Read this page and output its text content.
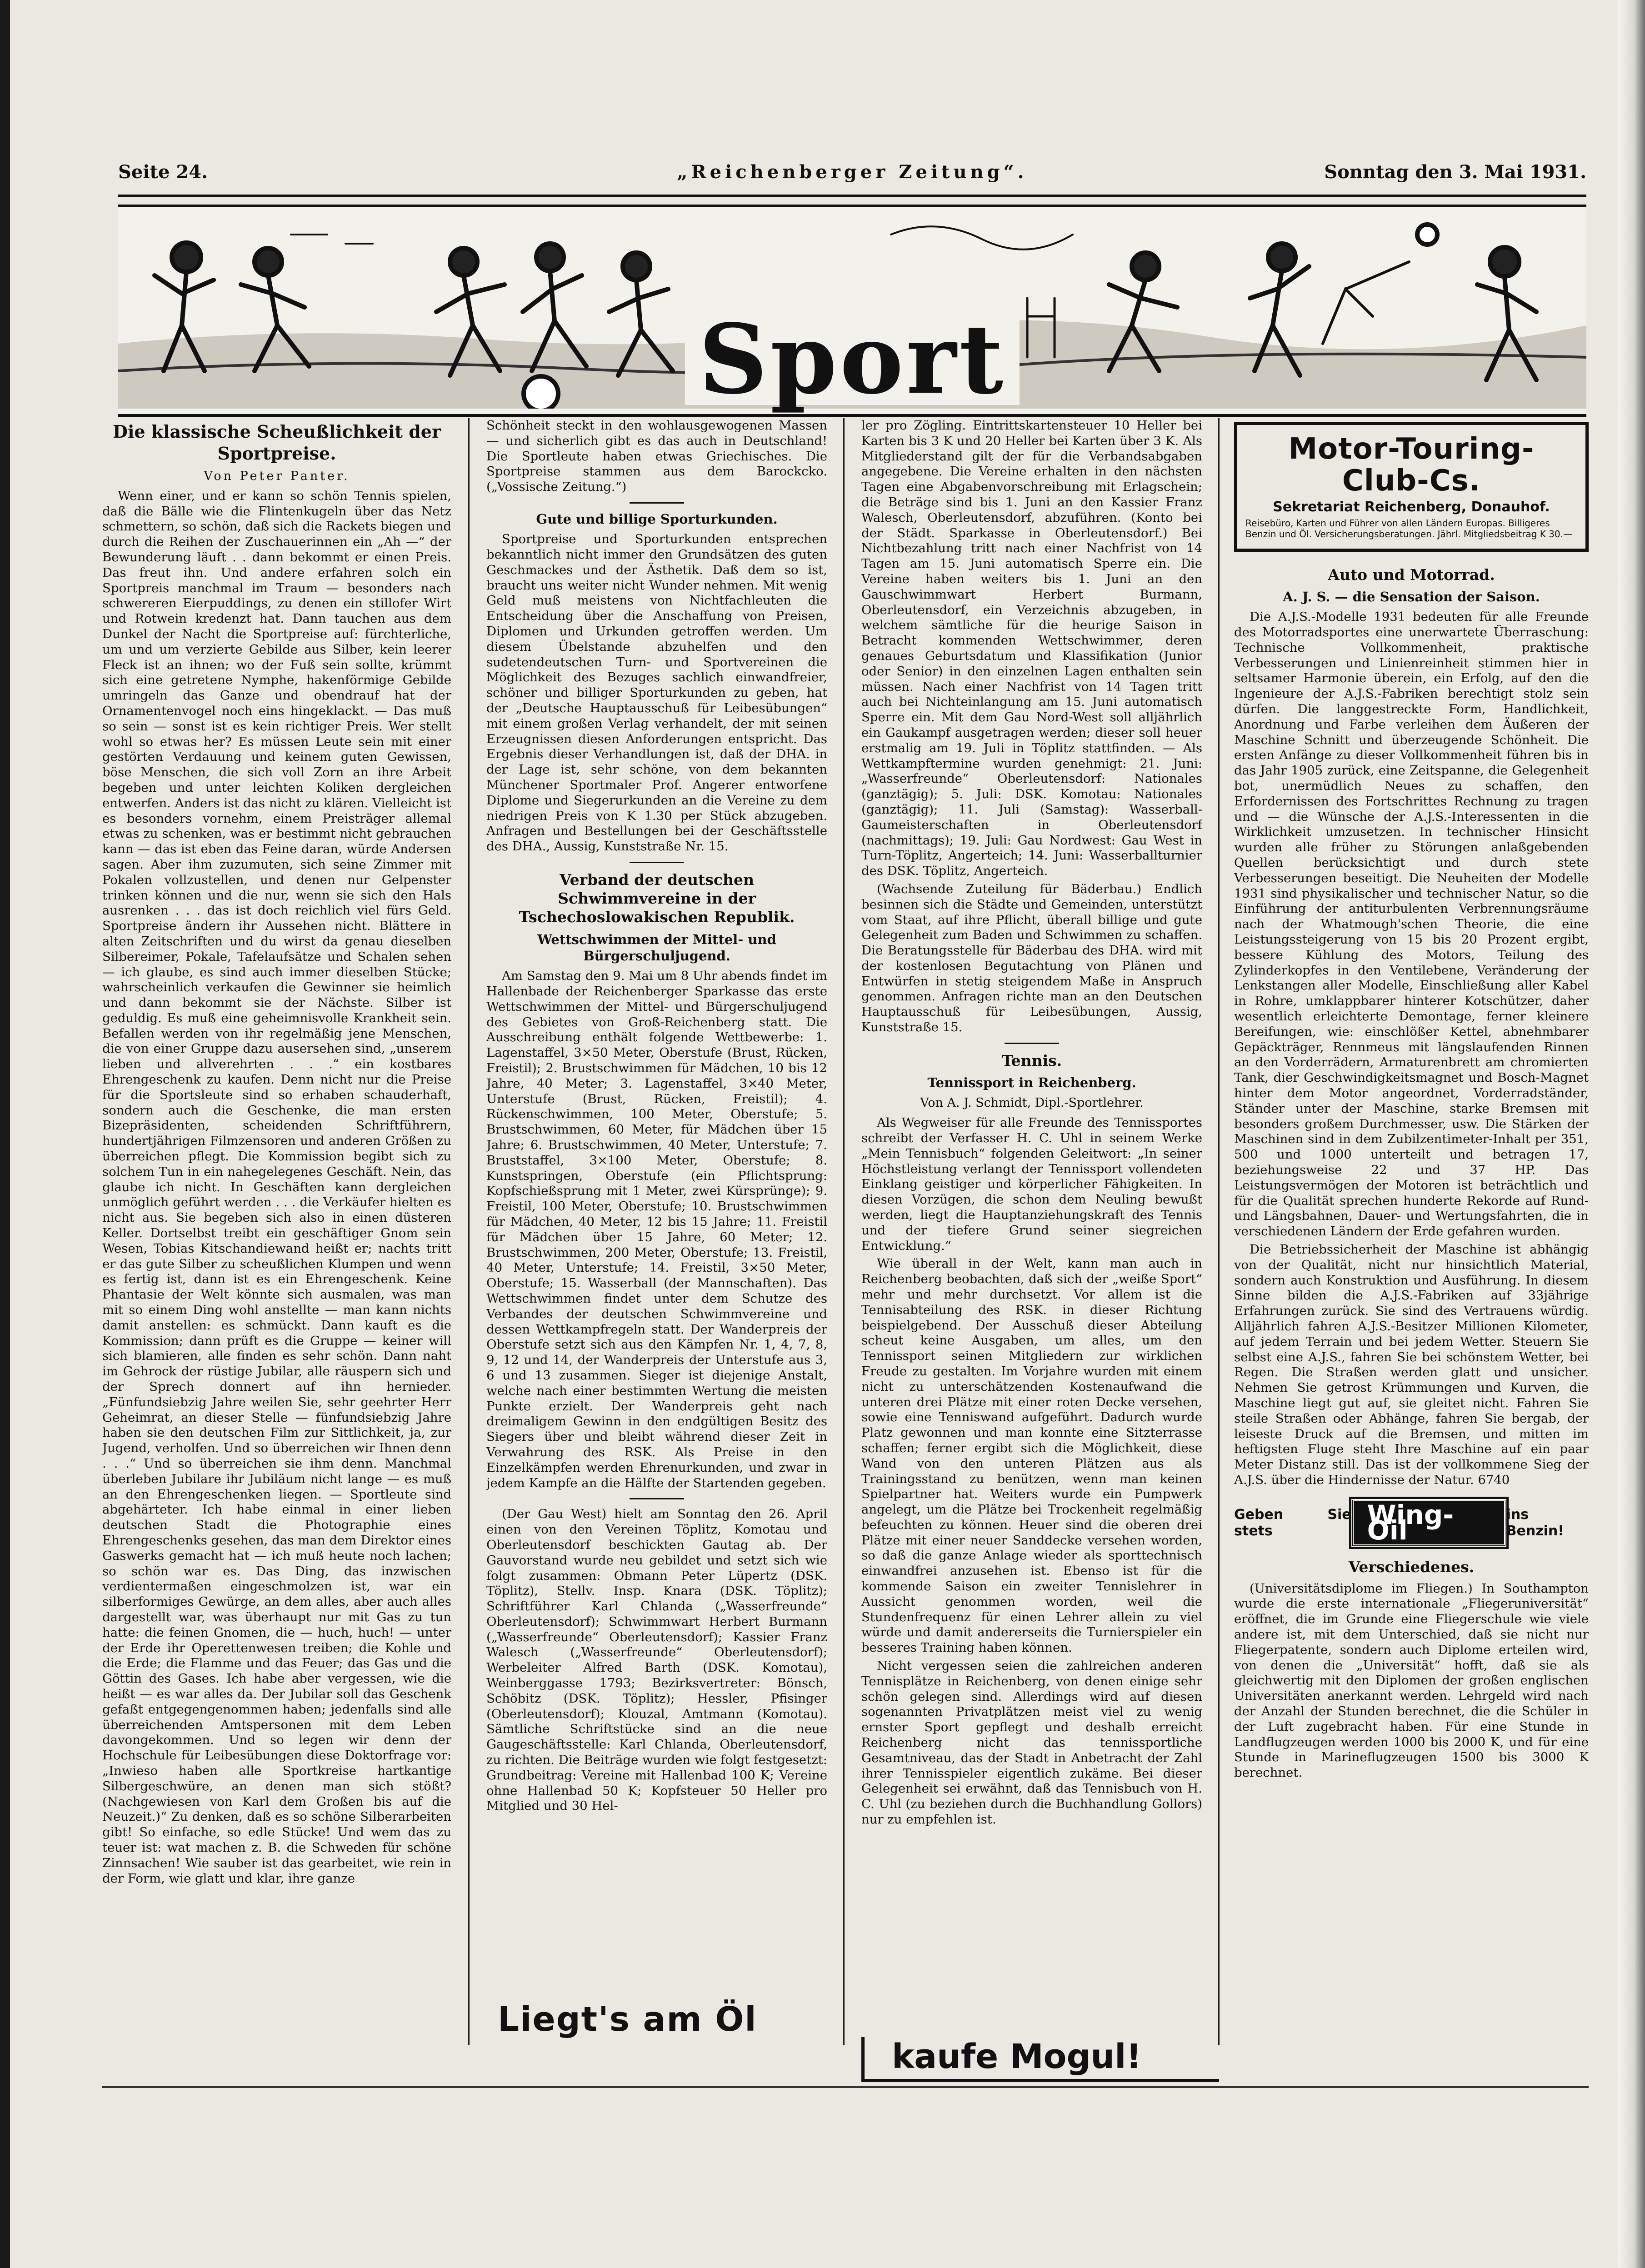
Seite 24.	„Reichenberger Zeitung“.	Sonntag den 3. Mai 1931.
Sport
Die klassische Scheußlichkeit der Sportpreise.
Von Peter Panter.

Wenn einer, und er kann so schön Tennis spielen, daß die Bälle wie die Flintenkugeln über das Netz schmettern, so schön, daß sich die Rackets biegen und durch die Reihen der Zuschauerinnen ein „Ah —“ der Bewunderung läuft . . dann bekommt er einen Preis. Das freut ihn. Und andere erfahren solch ein Sportpreis manchmal im Traum — besonders nach schwereren Eierpuddings, zu denen ein stillofer Wirt und Rotwein kredenzt hat. Dann tauchen aus dem Dunkel der Nacht die Sportpreise auf: fürchterliche, um und um verzierte Gebilde aus Silber, kein leerer Fleck ist an ihnen; wo der Fuß sein sollte, krümmt sich eine getretene Nymphe, hakenförmige Gebilde umringeln das Ganze und obendrauf hat der Ornamentenvogel noch eins hingeklackt. — Das muß so sein — sonst ist es kein richtiger Preis. Wer stellt wohl so etwas her? Es müssen Leute sein mit einer gestörten Verdauung und keinem guten Gewissen, böse Menschen, die sich voll Zorn an ihre Arbeit begeben und unter leichten Koliken dergleichen entwerfen. Anders ist das nicht zu klären. Vielleicht ist es besonders vornehm, einem Preisträger allemal etwas zu schenken, was er bestimmt nicht gebrauchen kann — das ist eben das Feine daran, würde Andersen sagen. Aber ihm zuzumuten, sich seine Zimmer mit Pokalen vollzustellen, und denen nur Gelpenster trinken können und die nur, wenn sie sich den Hals ausrenken . . . das ist doch reichlich viel fürs Geld. Sportpreise ändern ihr Aussehen nicht. Blättere in alten Zeitschriften und du wirst da genau dieselben Silbereimer, Pokale, Tafelaufsätze und Schalen sehen — ich glaube, es sind auch immer dieselben Stücke; wahrscheinlich verkaufen die Gewinner sie heimlich und dann bekommt sie der Nächste. Silber ist geduldig. Es muß eine geheimnisvolle Krankheit sein. Befallen werden von ihr regelmäßig jene Menschen, die von einer Gruppe dazu ausersehen sind, „unserem lieben und allverehrten . . .“ ein kostbares Ehrengeschenk zu kaufen. Denn nicht nur die Preise für die Sportsleute sind so erhaben schauderhaft, sondern auch die Geschenke, die man ersten Bizepräsidenten, scheidenden Schriftführern, hundertjährigen Filmzensoren und anderen Größen zu überreichen pflegt. Die Kommission begibt sich zu solchem Tun in ein nahegelegenes Geschäft. Nein, das glaube ich nicht. In Geschäften kann dergleichen unmöglich geführt werden . . . die Verkäufer hielten es nicht aus. Sie begeben sich also in einen düsteren Keller. Dortselbst treibt ein geschäftiger Gnom sein Wesen, Tobias Kitschandiewand heißt er; nachts tritt er das gute Silber zu scheußlichen Klumpen und wenn es fertig ist, dann ist es ein Ehrengeschenk. Keine Phantasie der Welt könnte sich ausmalen, was man mit so einem Ding wohl anstellte — man kann nichts damit anstellen: es schmückt. Dann kauft es die Kommission; dann prüft es die Gruppe — keiner will sich blamieren, alle finden es sehr schön. Dann naht im Gehrock der rüstige Jubilar, alle räuspern sich und der Sprech donnert auf ihn hernieder. „Fünfundsiebzig Jahre weilen Sie, sehr geehrter Herr Geheimrat, an dieser Stelle — fünfundsiebzig Jahre haben sie den deutschen Film zur Sittlichkeit, ja, zur Jugend, verholfen. Und so überreichen wir Ihnen denn . . .“ Und so überreichen sie ihm denn. Manchmal überleben Jubilare ihr Jubiläum nicht lange — es muß an den Ehrengeschenken liegen. — Sportleute sind abgehärteter. Ich habe einmal in einer lieben deutschen Stadt die Photographie eines Ehrengeschenks gesehen, das man dem Direktor eines Gaswerks gemacht hat — ich muß heute noch lachen; so schön war es. Das Ding, das inzwischen verdientermaßen eingeschmolzen ist, war ein silberformiges Gewürge, an dem alles, aber auch alles dargestellt war, was überhaupt nur mit Gas zu tun hatte: die feinen Gnomen, die — huch, huch! — unter der Erde ihr Operettenwesen treiben; die Kohle und die Erde; die Flamme und das Feuer; das Gas und die Göttin des Gases. Ich habe aber vergessen, wie die heißt — es war alles da. Der Jubilar soll das Geschenk gefaßt entgegengenommen haben; jedenfalls sind alle überreichenden Amtspersonen mit dem Leben davongekommen. Und so legen wir denn der Hochschule für Leibesübungen diese Doktorfrage vor: „Inwieso haben alle Sportkreise hartkantige Silbergeschwüre, an denen man sich stößt? (Nachgewiesen von Karl dem Großen bis auf die Neuzeit.)“ Zu denken, daß es so schöne Silberarbeiten gibt! So einfache, so edle Stücke! Und wem das zu teuer ist: wat machen z. B. die Schweden für schöne Zinnsachen! Wie sauber ist das gearbeitet, wie rein in der Form, wie glatt und klar, ihre ganze

Schönheit steckt in den wohlausgewogenen Massen — und sicherlich gibt es das auch in Deutschland! Die Sportleute haben etwas Griechisches. Die Sportpreise stammen aus dem Barockcko. („Vossische Zeitung.“)

Gute und billige Sporturkunden.

Sportpreise und Sporturkunden entsprechen bekanntlich nicht immer den Grundsätzen des guten Geschmackes und der Ästhetik. Daß dem so ist, braucht uns weiter nicht Wunder nehmen. Mit wenig Geld muß meistens von Nichtfachleuten die Entscheidung über die Anschaffung von Preisen, Diplomen und Urkunden getroffen werden. Um diesem Übelstande abzuhelfen und den sudetendeutschen Turn- und Sportvereinen die Möglichkeit des Bezuges sachlich einwandfreier, schöner und billiger Sporturkunden zu geben, hat der „Deutsche Hauptausschuß für Leibesübungen“ mit einem großen Verlag verhandelt, der mit seinen Erzeugnissen diesen Anforderungen entspricht. Das Ergebnis dieser Verhandlungen ist, daß der DHA. in der Lage ist, sehr schöne, von dem bekannten Münchener Sportmaler Prof. Angerer entworfene Diplome und Siegerurkunden an die Vereine zu dem niedrigen Preis von K 1.30 per Stück abzugeben. Anfragen und Bestellungen bei der Geschäftsstelle des DHA., Aussig, Kunststraße Nr. 15.

Verband der deutschen Schwimmvereine in der Tschechoslowakischen Republik.
Wettschwimmen der Mittel- und Bürgerschuljugend.

Am Samstag den 9. Mai um 8 Uhr abends findet im Hallenbade der Reichenberger Sparkasse das erste Wettschwimmen der Mittel- und Bürgerschuljugend des Gebietes von Groß-Reichenberg statt. Die Ausschreibung enthält folgende Wettbewerbe: 1. Lagenstaffel, 3×50 Meter, Oberstufe (Brust, Rücken, Freistil); 2. Brustschwimmen für Mädchen, 10 bis 12 Jahre, 40 Meter; 3. Lagenstaffel, 3×40 Meter, Unterstufe (Brust, Rücken, Freistil); 4. Rückenschwimmen, 100 Meter, Oberstufe; 5. Brustschwimmen, 60 Meter, für Mädchen über 15 Jahre; 6. Brustschwimmen, 40 Meter, Unterstufe; 7. Bruststaffel, 3×100 Meter, Oberstufe; 8. Kunstspringen, Oberstufe (ein Pflichtsprung: Kopfschießsprung mit 1 Meter, zwei Kürsprünge); 9. Freistil, 100 Meter, Oberstufe; 10. Brustschwimmen für Mädchen, 40 Meter, 12 bis 15 Jahre; 11. Freistil für Mädchen über 15 Jahre, 60 Meter; 12. Brustschwimmen, 200 Meter, Oberstufe; 13. Freistil, 40 Meter, Unterstufe; 14. Freistil, 3×50 Meter, Oberstufe; 15. Wasserball (der Mannschaften). Das Wettschwimmen findet unter dem Schutze des Verbandes der deutschen Schwimmvereine und dessen Wettkampfregeln statt. Der Wanderpreis der Oberstufe setzt sich aus den Kämpfen Nr. 1, 4, 7, 8, 9, 12 und 14, der Wanderpreis der Unterstufe aus 3, 6 und 13 zusammen. Sieger ist diejenige Anstalt, welche nach einer bestimmten Wertung die meisten Punkte erzielt. Der Wanderpreis geht nach dreimaligem Gewinn in den endgültigen Besitz des Siegers über und bleibt während dieser Zeit in Verwahrung des RSK. Als Preise in den Einzelkämpfen werden Ehrenurkunden, und zwar in jedem Kampfe an die Hälfte der Startenden gegeben.

(Der Gau West) hielt am Sonntag den 26. April einen von den Vereinen Töplitz, Komotau und Oberleutensdorf beschickten Gautag ab. Der Gauvorstand wurde neu gebildet und setzt sich wie folgt zusammen: Obmann Peter Lüpertz (DSK. Töplitz), Stellv. Insp. Knara (DSK. Töplitz); Schriftführer Karl Chlanda („Wasserfreunde“ Oberleutensdorf); Schwimmwart Herbert Burmann („Wasserfreunde“ Oberleutensdorf); Kassier Franz Walesch („Wasserfreunde“ Oberleutensdorf); Werbeleiter Alfred Barth (DSK. Komotau), Weinberggasse 1793; Bezirksvertreter: Bönsch, Schöbitz (DSK. Töplitz); Hessler, Pfisinger (Oberleutensdorf); Klouzal, Amtmann (Komotau). Sämtliche Schriftstücke sind an die neue Gaugeschäftsstelle: Karl Chlanda, Oberleutensdorf, zu richten. Die Beiträge wurden wie folgt festgesetzt: Grundbeitrag: Vereine mit Hallenbad 100 K; Vereine ohne Hallenbad 50 K; Kopfsteuer 50 Heller pro Mitglied und 30 Hel-

ler pro Zögling. Eintrittskartensteuer 10 Heller bei Karten bis 3 K und 20 Heller bei Karten über 3 K. Als Mitgliederstand gilt der für die Verbandsabgaben angegebene. Die Vereine erhalten in den nächsten Tagen eine Abgabenvorschreibung mit Erlagschein; die Beträge sind bis 1. Juni an den Kassier Franz Walesch, Oberleutensdorf, abzuführen. (Konto bei der Städt. Sparkasse in Oberleutensdorf.) Bei Nichtbezahlung tritt nach einer Nachfrist von 14 Tagen am 15. Juni automatisch Sperre ein. Die Vereine haben weiters bis 1. Juni an den Gauschwimmwart Herbert Burmann, Oberleutensdorf, ein Verzeichnis abzugeben, in welchem sämtliche für die heurige Saison in Betracht kommenden Wettschwimmer, deren genaues Geburtsdatum und Klassifikation (Junior oder Senior) in den einzelnen Lagen enthalten sein müssen. Nach einer Nachfrist von 14 Tagen tritt auch bei Nichteinlangung am 15. Juni automatisch Sperre ein. Mit dem Gau Nord-West soll alljährlich ein Gaukampf ausgetragen werden; dieser soll heuer erstmalig am 19. Juli in Töplitz stattfinden. — Als Wettkampftermine wurden genehmigt: 21. Juni: „Wasserfreunde“ Oberleutensdorf: Nationales (ganztägig); 5. Juli: DSK. Komotau: Nationales (ganztägig); 11. Juli (Samstag): Wasserball-Gaumeisterschaften in Oberleutensdorf (nachmittags); 19. Juli: Gau Nordwest: Gau West in Turn-Töplitz, Angerteich; 14. Juni: Wasserballturnier des DSK. Töplitz, Angerteich.

(Wachsende Zuteilung für Bäderbau.) Endlich besinnen sich die Städte und Gemeinden, unterstützt vom Staat, auf ihre Pflicht, überall billige und gute Gelegenheit zum Baden und Schwimmen zu schaffen. Die Beratungsstelle für Bäderbau des DHA. wird mit der kostenlosen Begutachtung von Plänen und Entwürfen in stetig steigendem Maße in Anspruch genommen. Anfragen richte man an den Deutschen Hauptausschuß für Leibesübungen, Aussig, Kunststraße 15.

Tennis.
Tennissport in Reichenberg.
Von A. J. Schmidt, Dipl.-Sportlehrer.

Als Wegweiser für alle Freunde des Tennissportes schreibt der Verfasser H. C. Uhl in seinem Werke „Mein Tennisbuch“ folgenden Geleitwort: „In seiner Höchstleistung verlangt der Tennissport vollendeten Einklang geistiger und körperlicher Fähigkeiten. In diesen Vorzügen, die schon dem Neuling bewußt werden, liegt die Hauptanziehungskraft des Tennis und der tiefere Grund seiner siegreichen Entwicklung.“

Wie überall in der Welt, kann man auch in Reichenberg beobachten, daß sich der „weiße Sport“ mehr und mehr durchsetzt. Vor allem ist die Tennisabteilung des RSK. in dieser Richtung beispielgebend. Der Ausschuß dieser Abteilung scheut keine Ausgaben, um alles, um den Tennissport seinen Mitgliedern zur wirklichen Freude zu gestalten. Im Vorjahre wurden mit einem nicht zu unterschätzenden Kostenaufwand die unteren drei Plätze mit einer roten Decke versehen, sowie eine Tenniswand aufgeführt. Dadurch wurde Platz gewonnen und man konnte eine Sitzterrasse schaffen; ferner ergibt sich die Möglichkeit, diese Wand von den unteren Plätzen aus als Trainingsstand zu benützen, wenn man keinen Spielpartner hat. Weiters wurde ein Pumpwerk angelegt, um die Plätze bei Trockenheit regelmäßig befeuchten zu können. Heuer sind die oberen drei Plätze mit einer neuer Sanddecke versehen worden, so daß die ganze Anlage wieder als sporttechnisch einwandfrei anzusehen ist. Ebenso ist für die kommende Saison ein zweiter Tennislehrer in Aussicht genommen worden, weil die Stundenfrequenz für einen Lehrer allein zu viel würde und damit andererseits die Turnierspieler ein besseres Training haben können.

Nicht vergessen seien die zahlreichen anderen Tennisplätze in Reichenberg, von denen einige sehr schön gelegen sind. Allerdings wird auf diesen sogenannten Privatplätzen meist viel zu wenig ernster Sport gepflegt und deshalb erreicht Reichenberg nicht das tennissportliche Gesamtniveau, das der Stadt in Anbetracht der Zahl ihrer Tennisspieler eigentlich zukäme. Bei dieser Gelegenheit sei erwähnt, daß das Tennisbuch von H. C. Uhl (zu beziehen durch die Buchhandlung Gollors) nur zu empfehlen ist.

Motor-Touring-Club-Cs.
Sekretariat Reichenberg, Donauhof.
Reisebüro, Karten und Führer von allen Ländern Europas. Billigeres Benzin und Öl. Versicherungsberatungen. Jährl. Mitgliedsbeitrag K 30.—
Auto und Motorrad.
A. J. S. — die Sensation der Saison.

Die A.J.S.-Modelle 1931 bedeuten für alle Freunde des Motorradsportes eine unerwartete Überraschung: Technische Vollkommenheit, praktische Verbesserungen und Linienreinheit stimmen hier in seltsamer Harmonie überein, ein Erfolg, auf den die Ingenieure der A.J.S.-Fabriken berechtigt stolz sein dürfen. Die langgestreckte Form, Handlichkeit, Anordnung und Farbe verleihen dem Äußeren der Maschine Schnitt und überzeugende Schönheit. Die ersten Anfänge zu dieser Vollkommenheit führen bis in das Jahr 1905 zurück, eine Zeitspanne, die Gelegenheit bot, unermüdlich Neues zu schaffen, den Erfordernissen des Fortschrittes Rechnung zu tragen und — die Wünsche der A.J.S.-Interessenten in die Wirklichkeit umzusetzen. In technischer Hinsicht wurden alle früher zu Störungen anlaßgebenden Quellen berücksichtigt und durch stete Verbesserungen beseitigt. Die Neuheiten der Modelle 1931 sind physikalischer und technischer Natur, so die Einführung der antiturbulenten Verbrennungsräume nach der Whatmough'schen Theorie, die eine Leistungssteigerung von 15 bis 20 Prozent ergibt, bessere Kühlung des Motors, Teilung des Zylinderkopfes in den Ventilebene, Veränderung der Lenkstangen aller Modelle, Einschließung aller Kabel in Rohre, umklappbarer hinterer Kotschützer, daher wesentlich erleichterte Demontage, ferner kleinere Bereifungen, wie: einschlößer Kettel, abnehmbarer Gepäckträger, Rennmeus mit längslaufenden Rinnen an den Vorderrädern, Armaturenbrett am chromierten Tank, dier Geschwindigkeitsmagnet und Bosch-Magnet hinter dem Motor angeordnet, Vorderradständer, Ständer unter der Maschine, starke Bremsen mit besonders großem Durchmesser, usw. Die Stärken der Maschinen sind in dem Zubilzentimeter-Inhalt per 351, 500 und 1000 unterteilt und betragen 17, beziehungsweise 22 und 37 HP. Das Leistungsvermögen der Motoren ist beträchtlich und für die Qualität sprechen hunderte Rekorde auf Rund- und Längsbahnen, Dauer- und Wertungsfahrten, die in verschiedenen Ländern der Erde gefahren wurden.

Die Betriebssicherheit der Maschine ist abhängig von der Qualität, nicht nur hinsichtlich Material, sondern auch Konstruktion und Ausführung. In diesem Sinne bilden die A.J.S.-Fabriken auf 33jährige Erfahrungen zurück. Sie sind des Vertrauens würdig. Alljährlich fahren A.J.S.-Besitzer Millionen Kilometer, auf jedem Terrain und bei jedem Wetter. Steuern Sie selbst eine A.J.S., fahren Sie bei schönstem Wetter, bei Regen. Die Straßen werden glatt und unsicher. Nehmen Sie getrost Krümmungen und Kurven, die Maschine liegt gut auf, sie gleitet nicht. Fahren Sie steile Straßen oder Abhänge, fahren Sie bergab, der leiseste Druck auf die Bremsen, und mitten im heftigsten Fluge steht Ihre Maschine auf ein paar Meter Distanz still. Das ist der vollkommene Sieg der A.J.S. über die Hindernisse der Natur. 6740

Geben Sie stets
Wing-Oil
ins Benzin!
Verschiedenes.

(Universitätsdiplome im Fliegen.) In Southampton wurde die erste internationale „Fliegeruniversität“ eröffnet, die im Grunde eine Fliegerschule wie viele andere ist, mit dem Unterschied, daß sie nicht nur Fliegerpatente, sondern auch Diplome erteilen wird, von denen die „Universität“ hofft, daß sie als gleichwertig mit den Diplomen der großen englischen Universitäten anerkannt werden. Lehrgeld wird nach der Anzahl der Stunden berechnet, die die Schüler in der Luft zugebracht haben. Für eine Stunde in Landflugzeugen werden 1000 bis 2000 K, und für eine Stunde in Marineflugzeugen 1500 bis 3000 K berechnet.

Liegt's am Öl
kaufe Mogul!
